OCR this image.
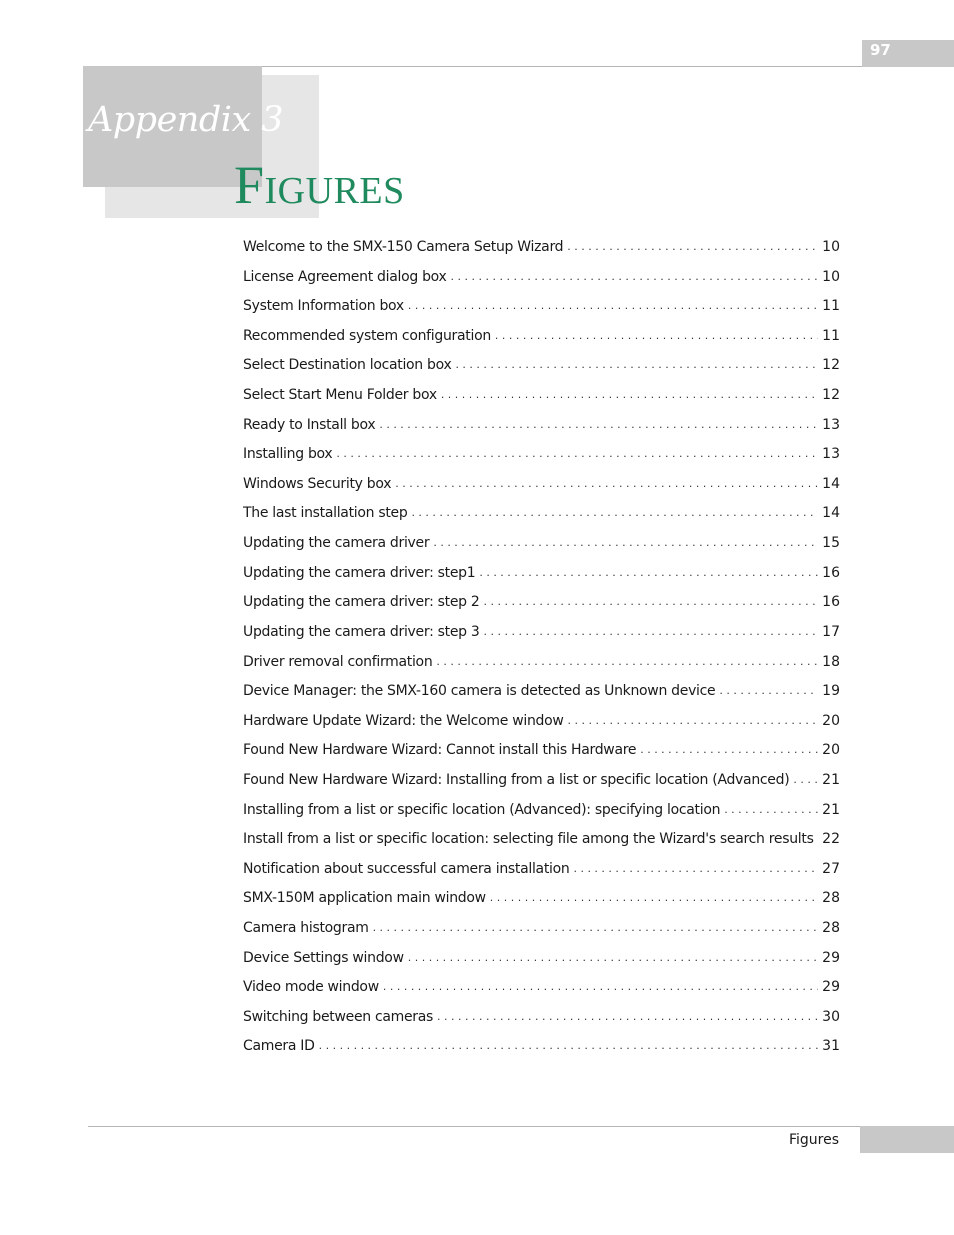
97
Appendix 3
Figures
Welcome to the SMX-150 Camera Setup Wizard . . .	10
License Agreement dialog box . . .	10
System Information box . . .	11
Recommended system configuration . . .	11
Select Destination location box . . .	12
Select Start Menu Folder box . . .	12
Ready to Install box . . .	13
Installing box . . .	13
Windows Security box . . .	14
The last installation step . . .	14
Updating the camera driver . . .	15
Updating the camera driver: step1 . . .	16
Updating the camera driver: step 2 . . .	16
Updating the camera driver: step 3 . . .	17
Driver removal confirmation . . .	18
Device Manager: the SMX-160 camera is detected as Unknown device . . .	19
Hardware Update Wizard: the Welcome window . . .	20
Found New Hardware Wizard: Cannot install this Hardware . . .	20
Found New Hardware Wizard: Installing from a list or specific location (Advanced) . . . 21
Installing from a list or specific location (Advanced): specifying location . . .	21
Install from a list or specific location: selecting file among the Wizard's search results . . . 22
Notification about successful camera installation . . .	27
SMX-150M application main window . . .	28
Camera histogram . . .	28
Device Settings window . . .	29
Video mode window . . .	29
Switching between cameras . . .	30
Camera ID . . .	31
Figures
